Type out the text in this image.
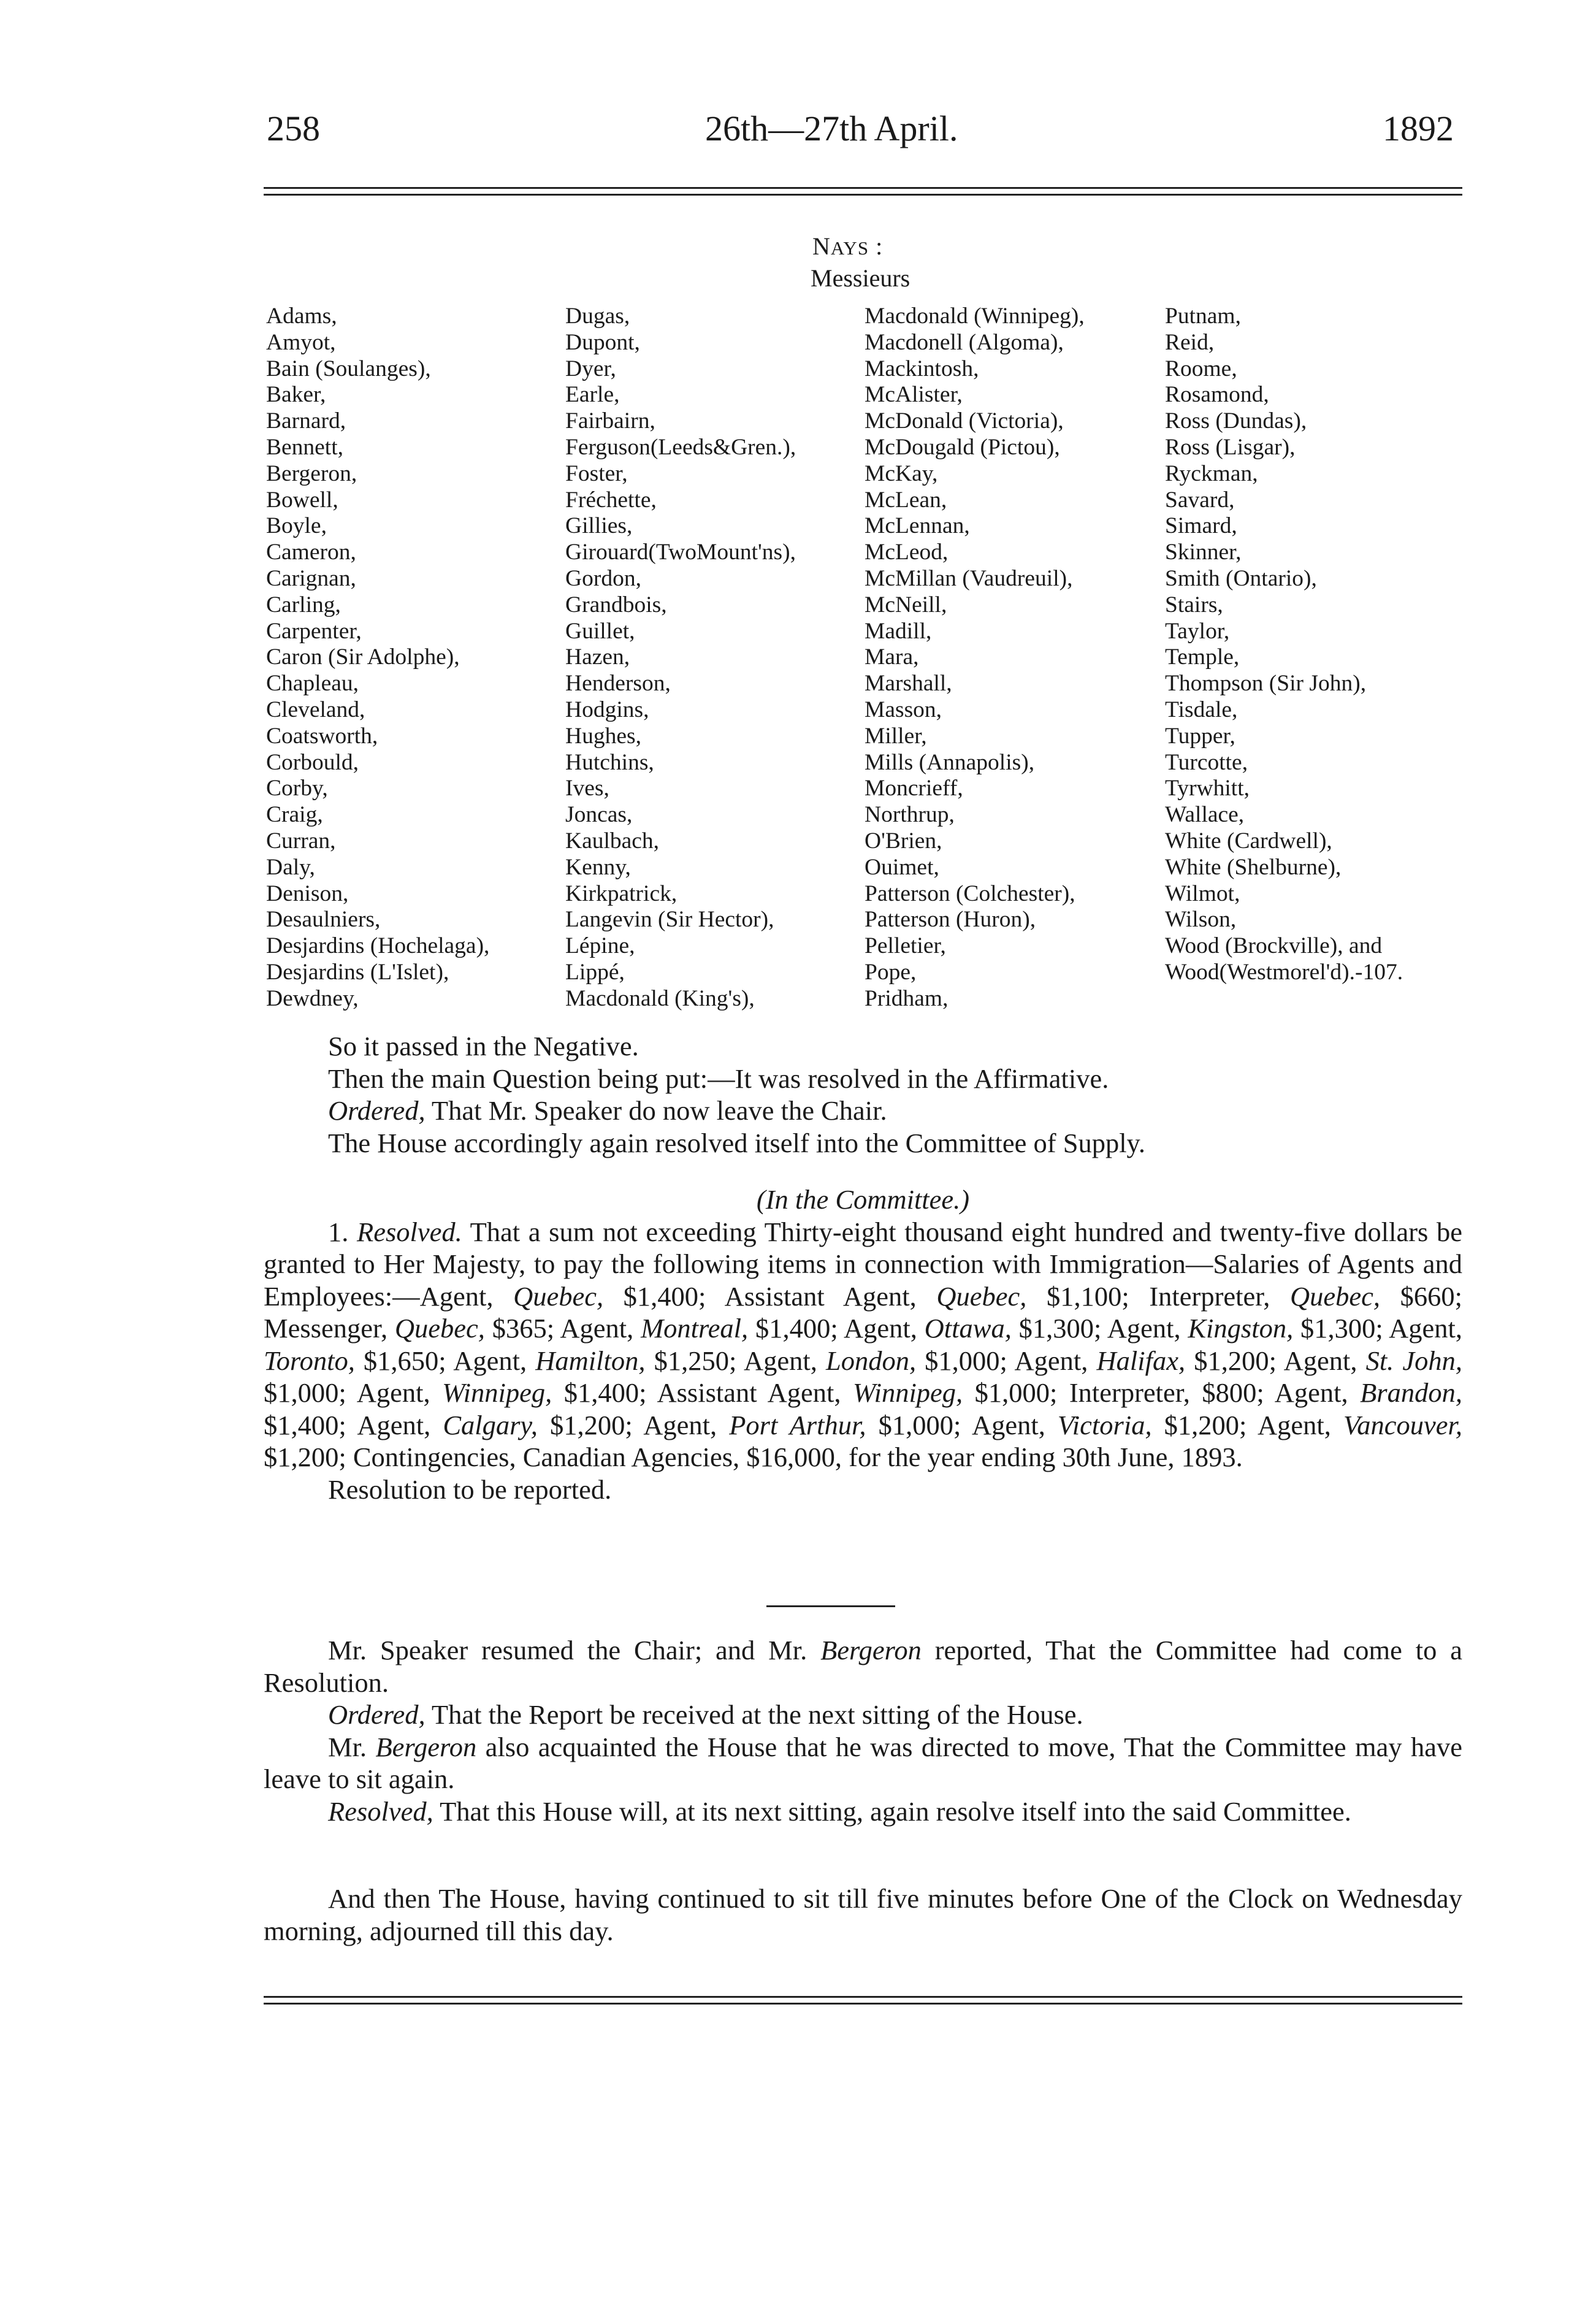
258	26th—27th April.	1892
NAYS :
Messieurs
Adams,
Amyot,
Bain (Soulanges),
Baker,
Barnard,
Bennett,
Bergeron,
Bowell,
Boyle,
Cameron,
Carignan,
Carling,
Carpenter,
Caron (Sir Adolphe),
Chapleau,
Cleveland,
Coatsworth,
Corbould,
Corby,
Craig,
Curran,
Daly,
Denison,
Desaulniers,
Desjardins (Hochelaga),
Desjardins (L'Islet),
Dewdney,
Dugas,
Dupont,
Dyer,
Earle,
Fairbairn,
Ferguson(Leeds&Gren.),
Foster,
Fréchette,
Gillies,
Girouard(TwoMount'ns),
Gordon,
Grandbois,
Guillet,
Hazen,
Henderson,
Hodgins,
Hughes,
Hutchins,
Ives,
Joncas,
Kaulbach,
Kenny,
Kirkpatrick,
Langevin (Sir Hector),
Lépine,
Lippé,
Macdonald (King's),
Macdonald (Winnipeg),
Macdonell (Algoma),
Mackintosh,
McAlister,
McDonald (Victoria),
McDougald (Pictou),
McKay,
McLean,
McLennan,
McLeod,
McMillan (Vaudreuil),
McNeill,
Madill,
Mara,
Marshall,
Masson,
Miller,
Mills (Annapolis),
Moncrieff,
Northrup,
O'Brien,
Ouimet,
Patterson (Colchester),
Patterson (Huron),
Pelletier,
Pope,
Pridham,
Putnam,
Reid,
Roome,
Rosamond,
Ross (Dundas),
Ross (Lisgar),
Ryckman,
Savard,
Simard,
Skinner,
Smith (Ontario),
Stairs,
Taylor,
Temple,
Thompson (Sir John),
Tisdale,
Tupper,
Turcotte,
Tyrwhitt,
Wallace,
White (Cardwell),
White (Shelburne),
Wilmot,
Wilson,
Wood (Brockville), and
Wood(Westmorel'd).-107.

So it passed in the Negative.

Then the main Question being put:—It was resolved in the Affirmative.

Ordered, That Mr. Speaker do now leave the Chair.

The House accordingly again resolved itself into the Committee of Supply.

(In the Committee.)

1. Resolved. That a sum not exceeding Thirty-eight thousand eight hundred and twenty-five dollars be granted to Her Majesty, to pay the following items in connection with Immigration—Salaries of Agents and Employees:—Agent, Quebec, $1,400; Assistant Agent, Quebec, $1,100; Interpreter, Quebec, $660; Messenger, Quebec, $365; Agent, Montreal, $1,400; Agent, Ottawa, $1,300; Agent, Kingston, $1,300; Agent, Toronto, $1,650; Agent, Hamilton, $1,250; Agent, London, $1,000; Agent, Halifax, $1,200; Agent, St. John, $1,000; Agent, Winnipeg, $1,400; Assistant Agent, Winnipeg, $1,000; Interpreter, $800; Agent, Brandon, $1,400; Agent, Calgary, $1,200; Agent, Port Arthur, $1,000; Agent, Victoria, $1,200; Agent, Vancouver, $1,200; Contingencies, Canadian Agencies, $16,000, for the year ending 30th June, 1893.

Resolution to be reported.

Mr. Speaker resumed the Chair; and Mr. Bergeron reported, That the Committee had come to a Resolution.

Ordered, That the Report be received at the next sitting of the House.

Mr. Bergeron also acquainted the House that he was directed to move, That the Committee may have leave to sit again.

Resolved, That this House will, at its next sitting, again resolve itself into the said Committee.

And then The House, having continued to sit till five minutes before One of the Clock on Wednesday morning, adjourned till this day.
